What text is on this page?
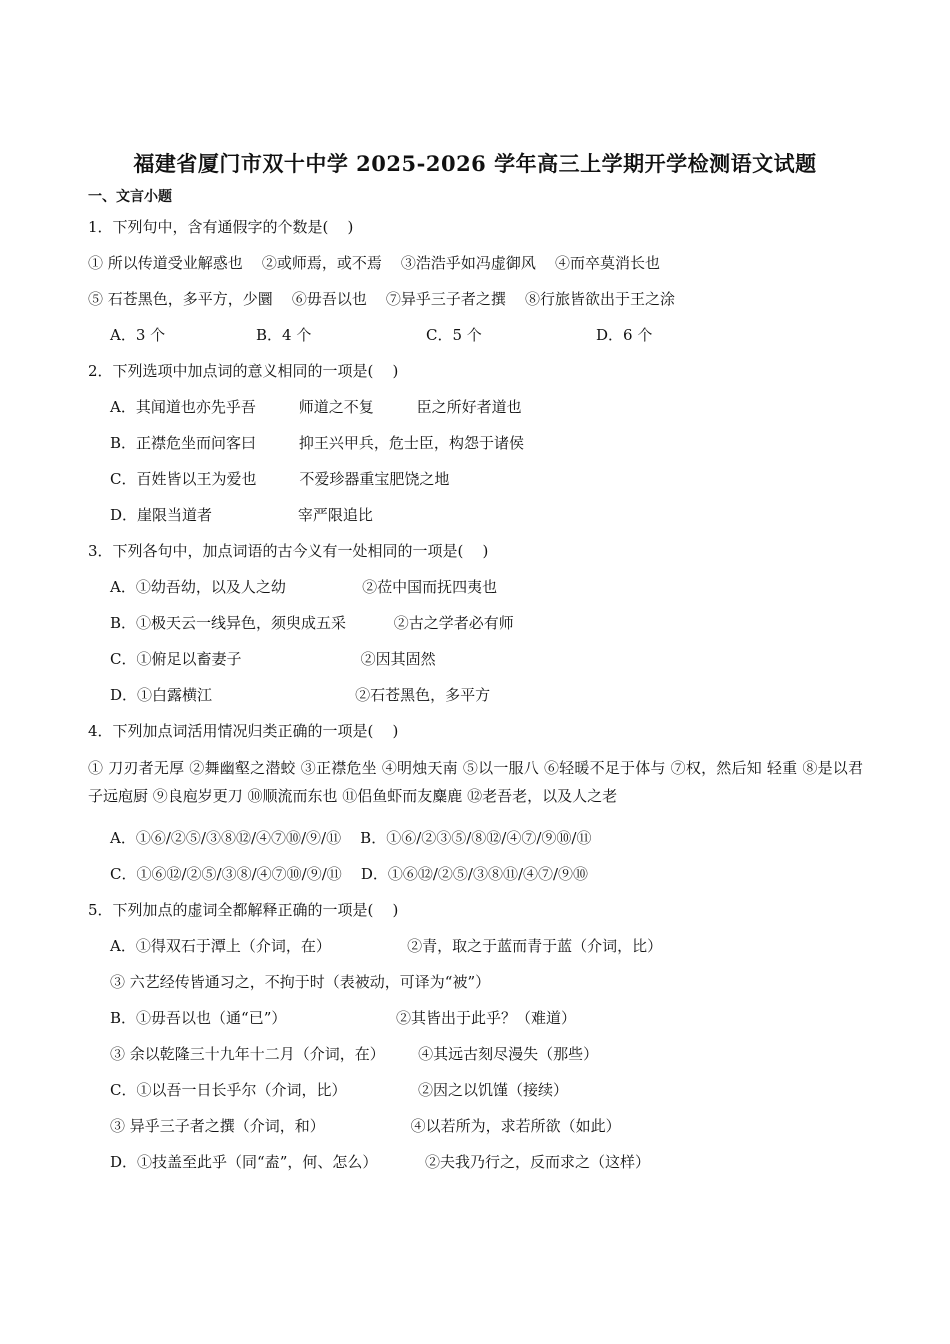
福建省厦门市双十中学 2025-2026 学年高三上学期开学检测语文试题
一、文言小题
1．下列句中，含有通假字的个数是(    )
① 所以传道受业解惑也    ②或师焉，或不焉    ③浩浩乎如冯虚御风    ④而卒莫消长也
⑤ 石苍黑色，多平方，少圜    ⑥毋吾以也    ⑦异乎三子者之撰    ⑧行旅皆欲出于王之涂

A．3 个

	B．4 个

	C．5 个

	D．6 个

2．下列选项中加点词的意义相同的一项是(    )
A．其闻道也亦先乎吾         师道之不复         臣之所好者道也
B．正襟危坐而问客曰         抑王兴甲兵，危士臣，构怨于诸侯
C．百姓皆以王为爱也         不爱珍器重宝肥饶之地
D．崖限当道者                  宰严限追比
3．下列各句中，加点词语的古今义有一处相同的一项是(    )
A．①幼吾幼，以及人之幼                ②莅中国而抚四夷也
B．①极天云一线异色，须臾成五采          ②古之学者必有师
C．①俯足以畜妻子                         ②因其固然
D．①白露横江                              ②石苍黑色，多平方
4．下列加点词活用情况归类正确的一项是(    )
① 刀刃者无厚 ②舞幽壑之潜蛟 ③正襟危坐 ④明烛天南 ⑤以一服八 ⑥轻暖不足于体与 ⑦权，然后知 轻重 ⑧是以君子远庖厨 ⑨良庖岁更刀 ⑩顺流而东也 ⑪侣鱼虾而友麋鹿 ⑫老吾老，以及人之老
A．①⑥/②⑤/③⑧⑫/④⑦⑩/⑨/⑪    B．①⑥/②③⑤/⑧⑫/④⑦/⑨⑩/⑪
C．①⑥⑫/②⑤/③⑧/④⑦⑩/⑨/⑪    D．①⑥⑫/②⑤/③⑧⑪/④⑦/⑨⑩
5．下列加点的虚词全都解释正确的一项是(    )
A．①得双石于潭上（介词，在）                ②青，取之于蓝而青于蓝（介词，比）
③ 六艺经传皆通习之，不拘于时（表被动，可译为“被”）
B．①毋吾以也（通“已”）                       ②其皆出于此乎？（难道）
③ 余以乾隆三十九年十二月（介词，在）       ④其远古刻尽漫失（那些）
C．①以吾一日长乎尔（介词，比）               ②因之以饥馑（接续）
③ 异乎三子者之撰（介词，和）                  ④以若所为，求若所欲（如此）
D．①技盖至此乎（同“盍”，何、怎么）          ②夫我乃行之，反而求之（这样）
